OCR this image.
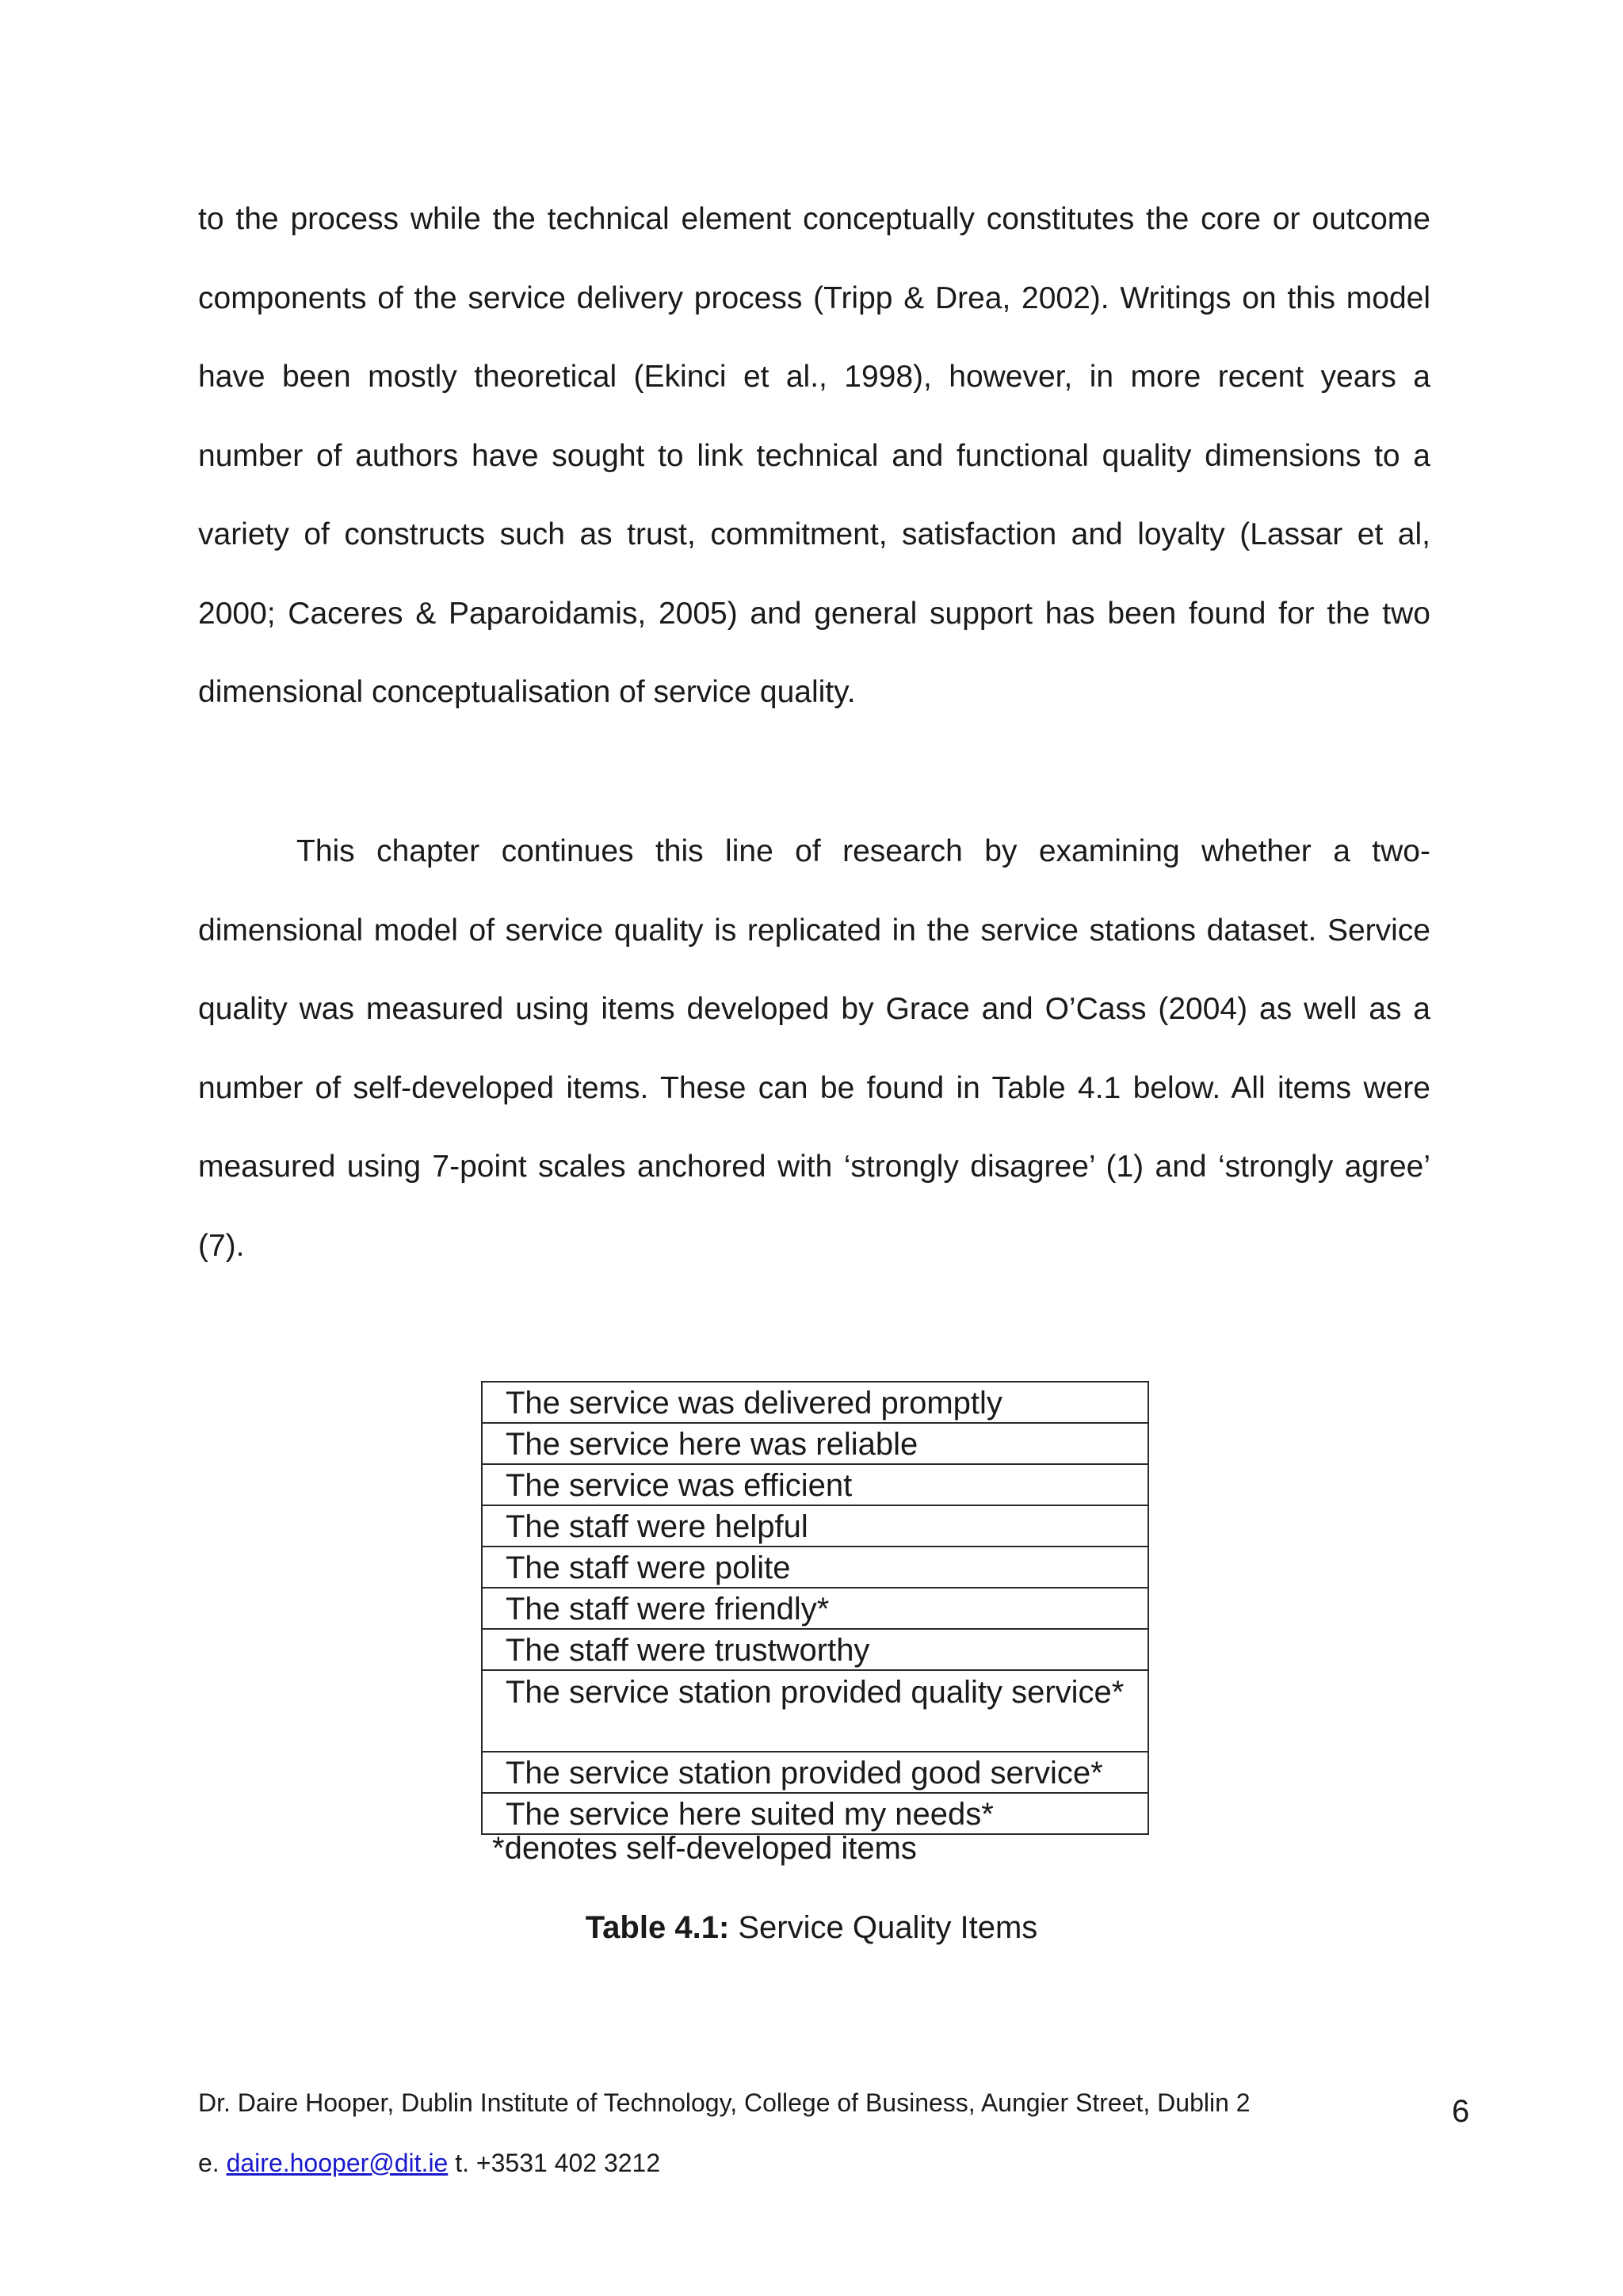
to the process while the technical element conceptually constitutes the core or outcome components of the service delivery process (Tripp & Drea, 2002). Writings on this model have been mostly theoretical (Ekinci et al., 1998), however, in more recent years a number of authors have sought to link technical and functional quality dimensions to a variety of constructs such as trust, commitment, satisfaction and loyalty (Lassar et al, 2000; Caceres & Paparoidamis, 2005) and general support has been found for the two dimensional conceptualisation of service quality.

This chapter continues this line of research by examining whether a two-dimensional model of service quality is replicated in the service stations dataset. Service quality was measured using items developed by Grace and O’Cass (2004) as well as a number of self-developed items. These can be found in Table 4.1 below. All items were measured using 7-point scales anchored with ‘strongly disagree’ (1) and ‘strongly agree’ (7).

The service was delivered promptly
The service here was reliable
The service was efficient
The staff were helpful
The staff were polite
The staff were friendly*
The staff were trustworthy
The service station provided quality service*
The service station provided good service*
The service here suited my needs*
*denotes self-developed items
Table 4.1: Service Quality Items
Dr. Daire Hooper, Dublin Institute of Technology, College of Business, Aungier Street, Dublin 2	6
e. daire.hooper@dit.ie t. +3531 402 3212
